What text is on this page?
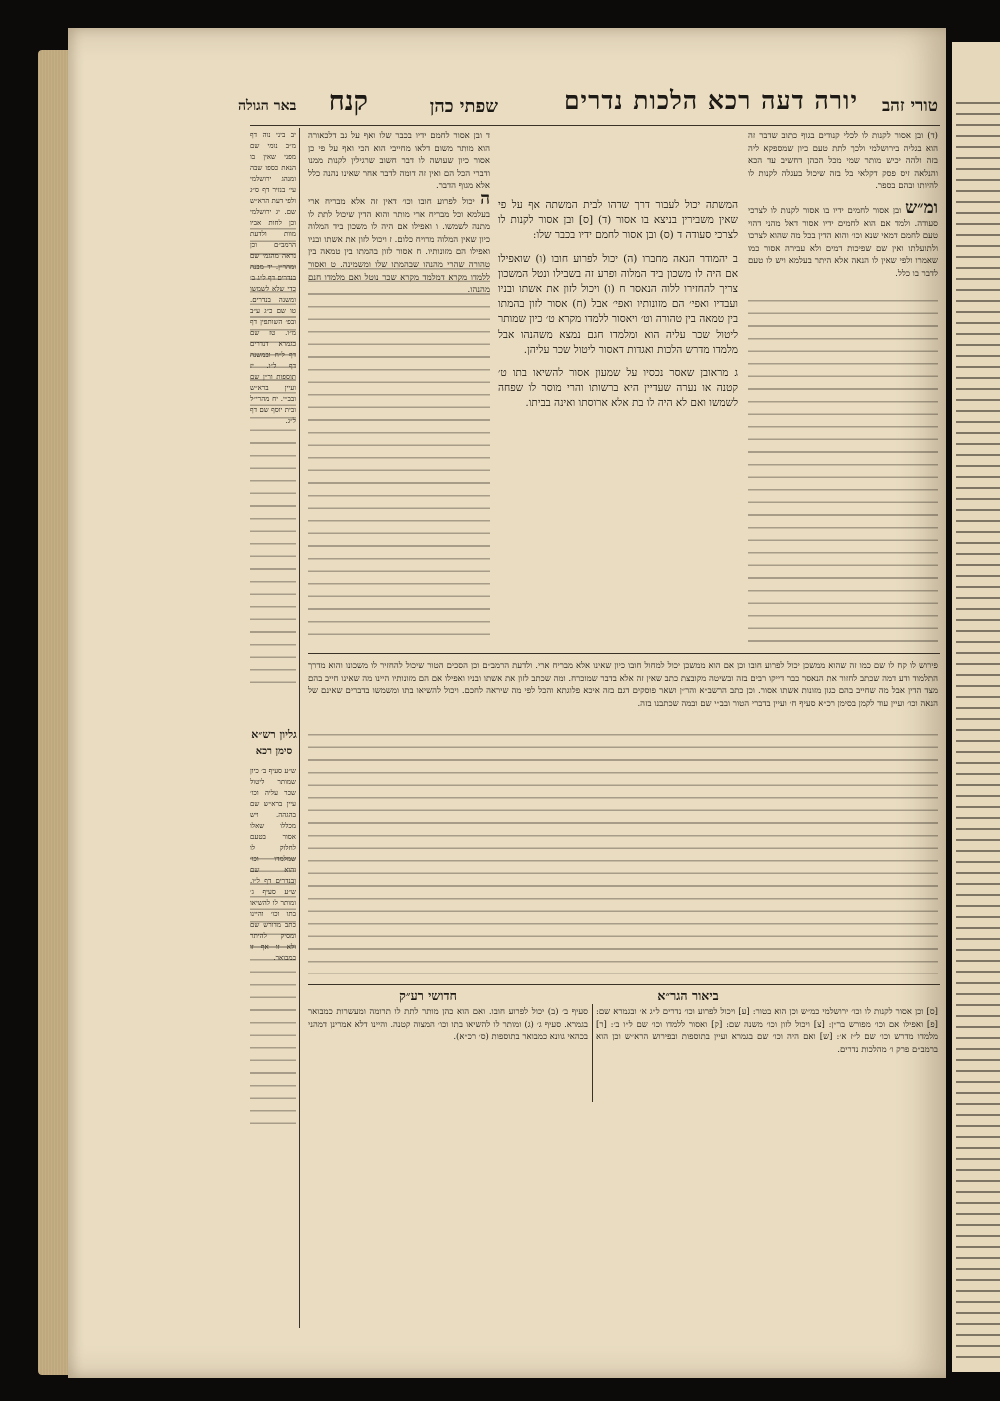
טורי זהב
יורה דעה רכא הלכות נדרים
שפתי כהן
קנח
באר הגולה

(ד) ובן אסור לקנות לו לכלי קנודים בגוף כתוב שדבר זה הוא בגליה בירושלמי ולכך לתת טעם כיון שמספקא ליה בזה ולהה יכיש מותר שמי מכל הכהן דחשיב עד הכא והנלאה זיס פסק דקלאי בל בזה שיכול בעגלה לקנות לו להיותו ובהם בספר.

ומ״ש ובן אסור לחמים ידיו בו אסור לקנות לו לצרכי סעודה. ולמד אם הוא לחמים ידיו אסור דאל מהני דהוי טעם לחמם דמאי שנא וכו׳ והוא הדין בכל מה שהוא לצרכו ולתועלתו ואין שם שפיכות דמים ולא עבירה אסור כמו שאמרו ולפי שאין לו הנאה אלא היתר בעלמא ויש לו טעם לדבר בו כלל.

המשתה יכול לעבור דרך שדהו לבית המשתה אף על פי שאין משבירין בניצא בו אסור (ד) [ס] ובן אסור לקנות לו לצרכי סעודה ד (ס) ובן אסור לחמם ידיו בכבר שלו:

ב יהמודר הנאה מחברו (ה) יכול לפרוע חובו (ו) שואפילו אם היה לו משכון ביד המלוה ופרע זה בשבילו ונטל המשכון צריך להחזירו ללוה הנאסר ח (ו) ויכול לזון את אשתו ובניו ועבדיו ואפי׳ הם מזונותיו ואפי׳ אבל (ח) אסור לזון בהמתו בין טמאה בין טהורה וט׳ ויאסור ללמדו מקרא ט׳ כיון שמותר ליטול שכר עליה הוא ומלמדו חגם נמצא משהנהו אבל מלמדו מדרש הלכות ואגדות דאסור ליטול שכר עליהן.

ג מראובן שאסר נכסיו על שמעון אסור להשיאו בתו ט׳ קטנה או נערה שעדיין היא ברשותו והרי מוסר לו שפחה לשמשו ואם לא היה לו בת אלא ארוסתו ואינה בביתו.

ד ובן אסור לחמם ידיו בכבר שלו ואף על גב דלכאורה הוא מותר משום דלאו מחייבי הוא הכי ואף על פי כן אסור כיון שעושה לו דבר חשוב שרגילין לקנות ממנו ודברי הכל הם ואין זה דומה לדבר אחר שאינו נהנה כלל אלא מגוף הדבר.

ה יכול לפרוע חובו וכו׳ דאין זה אלא מבריח ארי בעלמא וכל מבריח ארי מותר והוא הדין שיכול לתת לו מתנה לשמשו. ו ואפילו אם היה לו משכון ביד המלוה כיון שאין המלוה מרויח כלום. ז ויכול לזון את אשתו ובניו ואפילו הם מזונותיו. ח אסור לזון בהמתו בין טמאה בין טהורה שהרי מהנהו שבהמתו שלו ומשמינה. ט ואסור ללמדו מקרא דמלמד מקרא שכר נוטל ואם מלמדו חנם מהנהו.

יב ביני נוה דף מ״ב נומי שם מפני שאין בו הנאת כספו שבה ומנהג ירושלמי עי׳ בנזיר דף ס״ג ולפי דעת הרא״ש שם. יג ירושלמי וכן לחות אביו מוות ולדעת הרמב״ם וכן נראה מהגמ׳ שם ומהר״ן. יד מבנה בנדרים דף ל״ג ב׳ כדי שלא לשמשו ומשנה בנדרים. טו שם כ״ג ע״ב ובפ׳ השותפין דף מ״ו. טז שם בגמרא דנדרים דף ל״ח ובמשנה דף ל״ו. יז תוספות ור״ן שם ועיין ברא״ש ובב״י. יח מהרי״ל ובית יוסף שם דף ל״ג.

גליון רש״א
סימן רכא

ש״ע סעיף ב׳ כיון שמותר ליטול שכר עליה וכו׳ עיין ברא״ש שם בהגהה. ויש מכללו שאלו אסור בטעם לחלוק לו שמלמדו וכו׳ והוא שם ובנדרים דף ל״ו. ש״ע סעיף ג׳ ומותר לו להשיאו בתו וכו׳ והיינו כתב מדורש שם ומסיק להיתר ולא זו אף זו כמבואר.

פירוש לו קח לו שם כמו זה שהוא ממשכן יכול לפרוע חובו וכן אם הוא ממשכן יכול למחול חובו כיון שאינו אלא מבריח ארי. ולדעת הרמב״ם וכן הסכים הטור שיכול להחזיר לו משכונו והוא מדרך התלמוד ודע דמה שכתב לחזור את הנאסר כבר דייקו רבים בזה ובשיטה מקובצת כתב שאין זה אלא בדבר שמוכרח. ומה שכתב לזון את אשתו ובניו ואפילו אם הם מזונותיו היינו מה שאינו חייב בהם מצד הדין אבל מה שחייב בהם כגון מזונות אשתו אסור. וכן כתב הרשב״א והר״ן ושאר פוסקים דגם בזה איכא פלוגתא והכל לפי מה שיראה לחכם. ויכול להשיאו בתו ומשמשו בדברים שאינם של הנאה וכו׳ ועיין עוד לקמן בסימן רכ״א סעיף ח׳ ועיין בדברי הטור ובב״י שם ובמה שכתבנו בזה.

ביאור הגר״א

[ס] וכן אסור לקנות לו וכו׳ ירושלמי כמ״ש וכן הוא בטור: [ע] ויכול לפרוע וכו׳ נדרים ל״ג א׳ ובגמרא שם: [פ] ואפילו אם וכו׳ מפורש בר״ן: [צ] ויכול לזון וכו׳ משנה שם: [ק] ואסור ללמדו וכו׳ שם ל״ו ב׳: [ר] מלמדו מדרש וכו׳ שם ל״ז א׳: [ש] ואם היה וכו׳ שם בגמרא ועיין בתוספות ובפירוש הרא״ש וכן הוא ברמב״ם פרק ו׳ מהלכות נדרים.

חדושי רע״ק

סעיף ב׳ (ב) יכול לפרוע חובו. ואם הוא כהן מותר לתת לו תרומה ומעשרות כמבואר בגמרא. סעיף ג׳ (ג) ומותר לו להשיאו בתו וכו׳ המצוה קטנה. והיינו דלא אמרינן דמהני בכהאי גוונא כמבואר בתוספות (ס׳ רכ״א).
